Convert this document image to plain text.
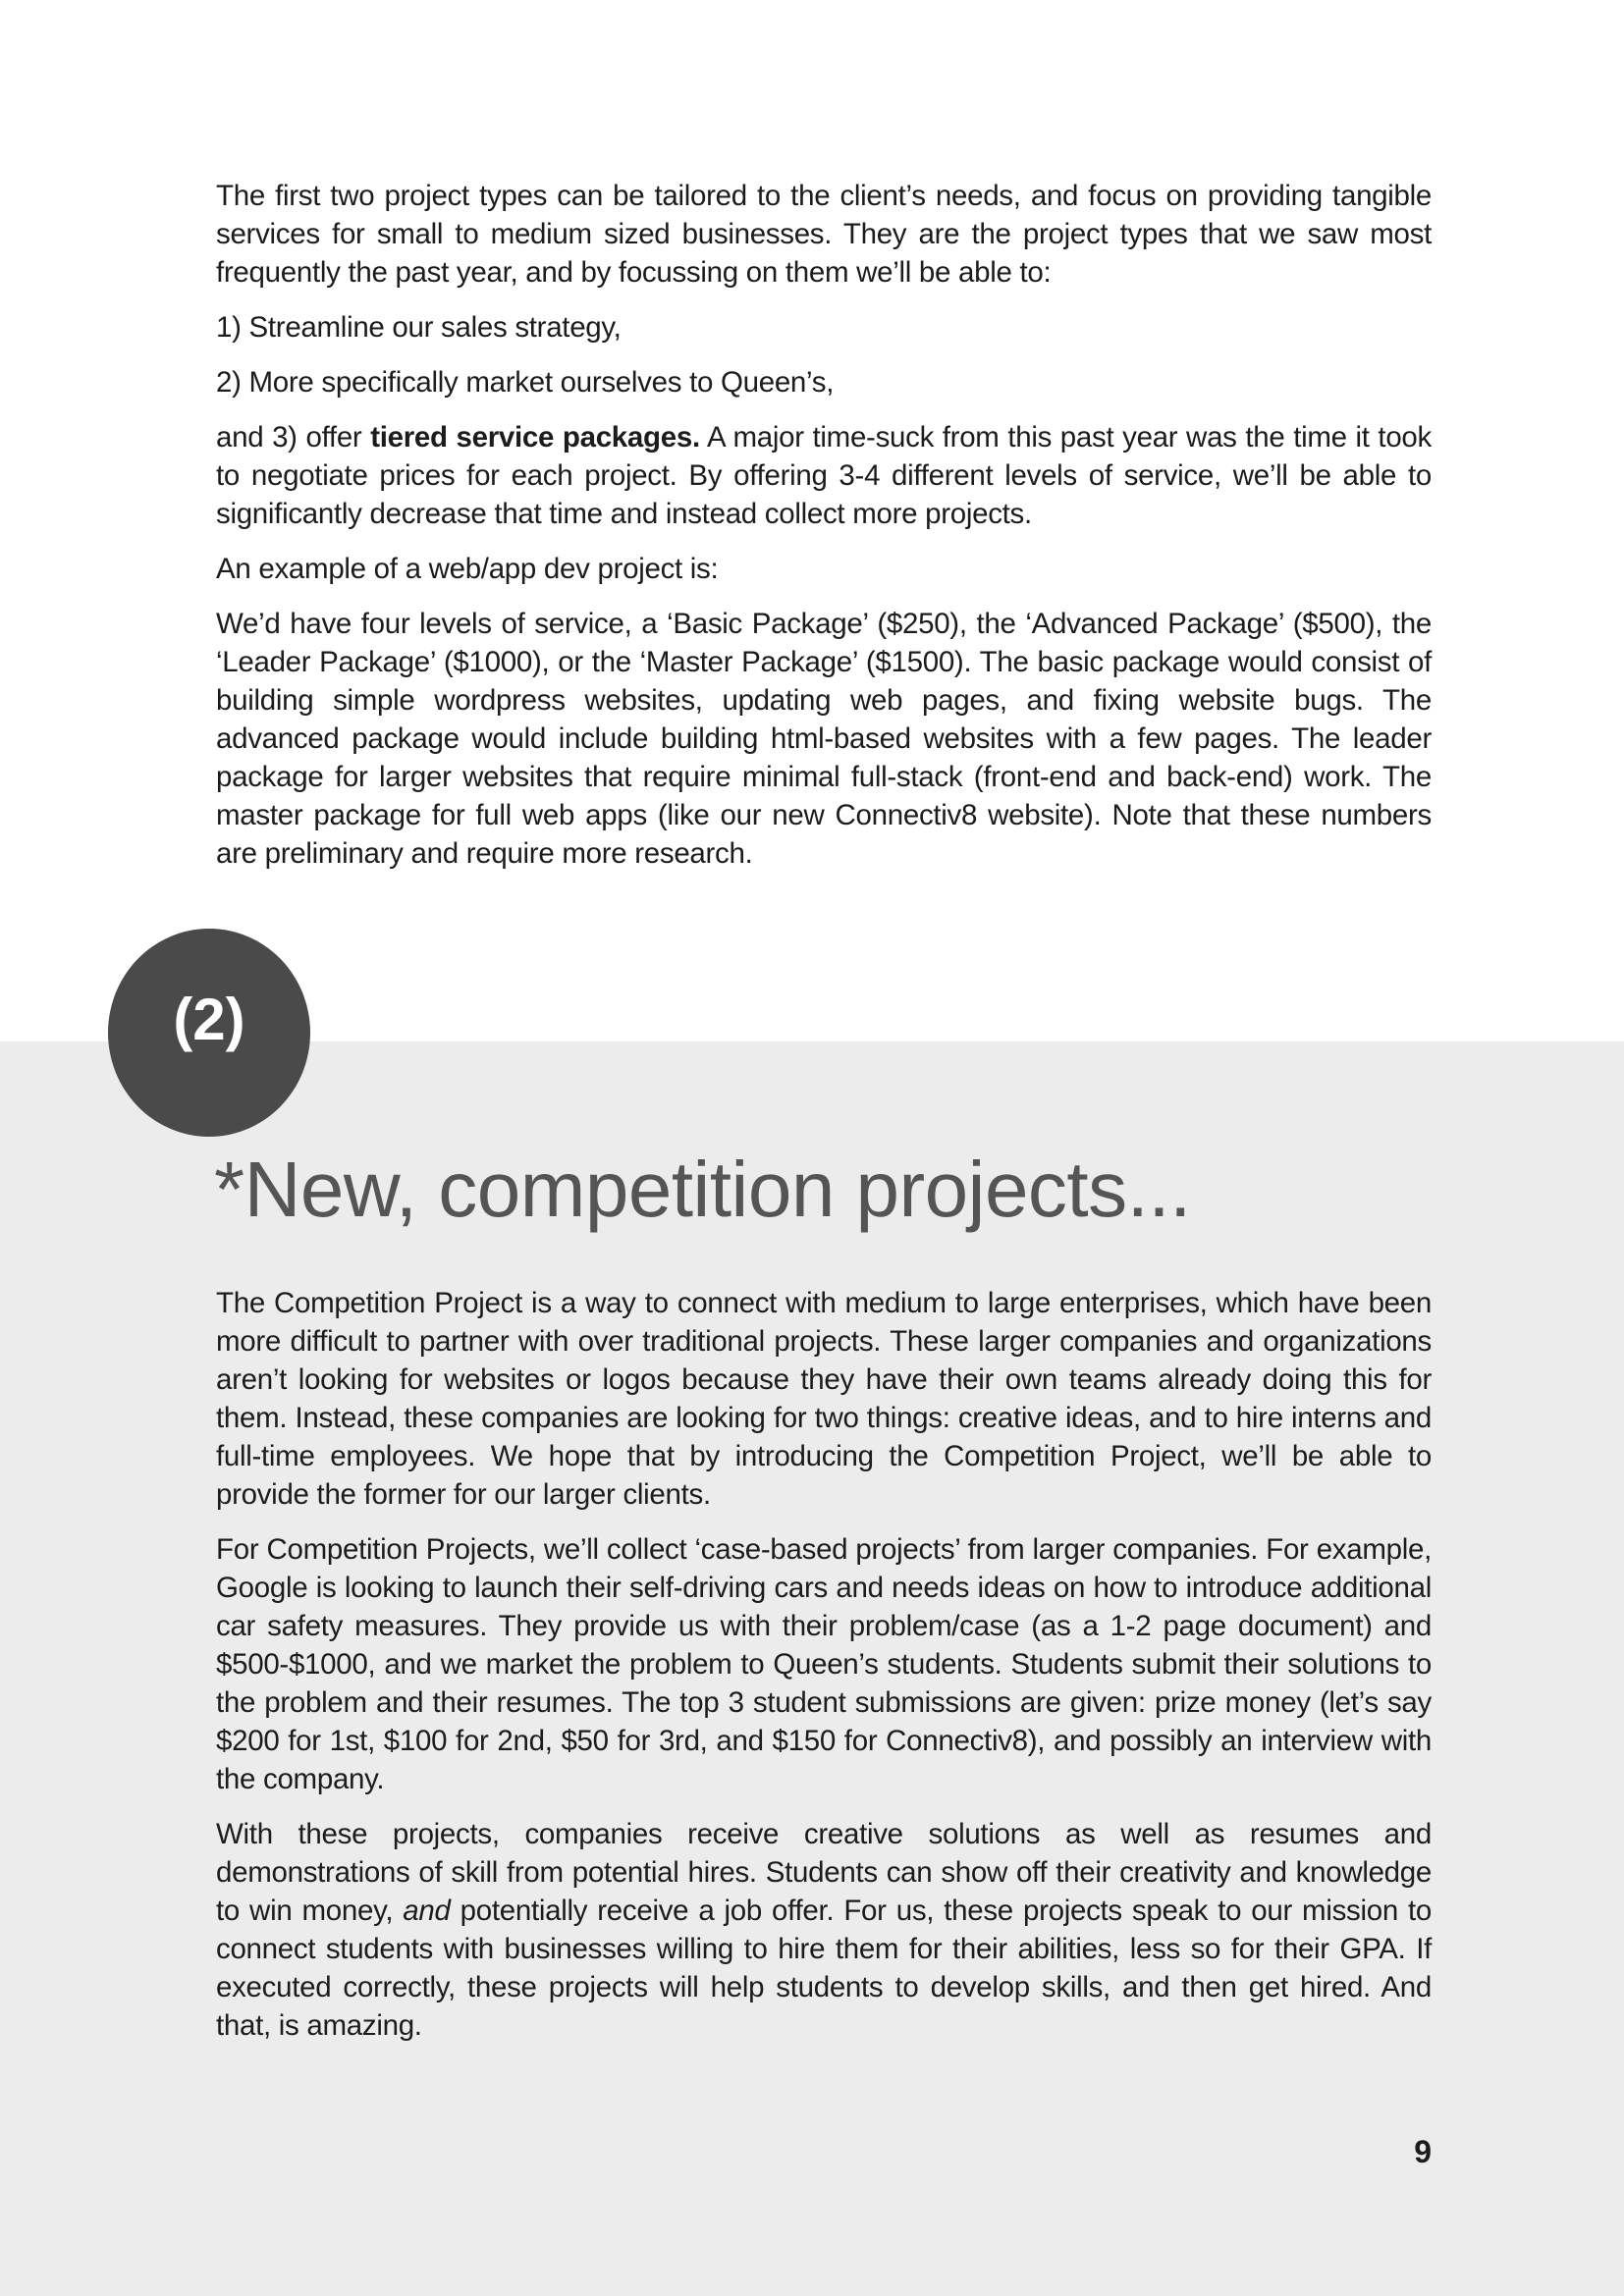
The first two project types can be tailored to the client’s needs, and focus on providing tangible services for small to medium sized businesses. They are the project types that we saw most frequently the past year, and by focussing on them we’ll be able to:

1) Streamline our sales strategy,

2) More specifically market ourselves to Queen’s,

and 3) offer tiered service packages. A major time-suck from this past year was the time it took to negotiate prices for each project. By offering 3-4 different levels of service, we’ll be able to significantly decrease that time and instead collect more projects.

An example of a web/app dev project is:

We’d have four levels of service, a ‘Basic Package’ ($250), the ‘Advanced Package’ ($500), the ‘Leader Package’ ($1000), or the ‘Master Package’ ($1500). The basic package would consist of building simple wordpress websites, updating web pages, and fixing website bugs. The advanced package would include building html-based websites with a few pages. The leader package for larger websites that require minimal full-stack (front-end and back-end) work. The master package for full web apps (like our new Connectiv8 website). Note that these numbers are preliminary and require more research.

(2)
*New, competition projects...

The Competition Project is a way to connect with medium to large enterprises, which have been more difficult to partner with over traditional projects. These larger companies and organizations aren’t looking for websites or logos because they have their own teams already doing this for them. Instead, these companies are looking for two things: creative ideas, and to hire interns and full-time employees. We hope that by introducing the Competition Project, we’ll be able to provide the former for our larger clients.

For Competition Projects, we’ll collect ‘case-based projects’ from larger companies. For example, Google is looking to launch their self-driving cars and needs ideas on how to introduce additional car safety measures. They provide us with their problem/case (as a 1-2 page document) and $500-$1000, and we market the problem to Queen’s students. Students submit their solutions to the problem and their resumes. The top 3 student submissions are given: prize money (let’s say $200 for 1st, $100 for 2nd, $50 for 3rd, and $150 for Connectiv8), and possibly an interview with the company.

With these projects, companies receive creative solutions as well as resumes and demonstrations of skill from potential hires. Students can show off their creativity and knowledge to win money, and potentially receive a job offer. For us, these projects speak to our mission to connect students with businesses willing to hire them for their abilities, less so for their GPA. If executed correctly, these projects will help students to develop skills, and then get hired. And that, is amazing.

9
